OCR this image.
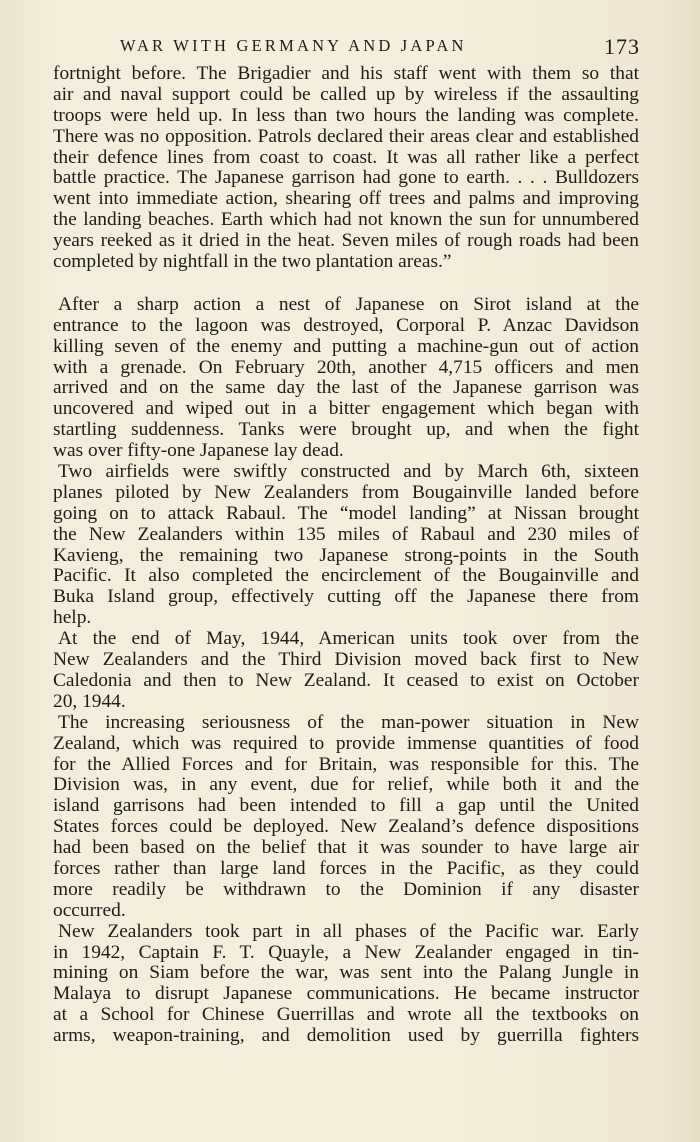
WAR WITH GERMANY AND JAPAN	173
fortnight before. The Brigadier and his staff went with them so that
air and naval support could be called up by wireless if the assaulting
troops were held up. In less than two hours the landing was complete.
There was no opposition. Patrols declared their areas clear and established
their defence lines from coast to coast. It was all rather like a perfect
battle practice. The Japanese garrison had gone to earth. . . . Bulldozers
went into immediate action, shearing off trees and palms and improving
the landing beaches. Earth which had not known the sun for unnumbered
years reeked as it dried in the heat. Seven miles of rough roads had been
completed by nightfall in the two plantation areas.”
After a sharp action a nest of Japanese on Sirot island at the
entrance to the lagoon was destroyed, Corporal P. Anzac Davidson
killing seven of the enemy and putting a machine-gun out of action
with a grenade. On February 20th, another 4,715 officers and men
arrived and on the same day the last of the Japanese garrison was
uncovered and wiped out in a bitter engagement which began with
startling suddenness. Tanks were brought up, and when the fight
was over fifty-one Japanese lay dead.
Two airfields were swiftly constructed and by March 6th, sixteen
planes piloted by New Zealanders from Bougainville landed before
going on to attack Rabaul. The “model landing” at Nissan brought
the New Zealanders within 135 miles of Rabaul and 230 miles of
Kavieng, the remaining two Japanese strong-points in the South
Pacific. It also completed the encirclement of the Bougainville and
Buka Island group, effectively cutting off the Japanese there from
help.
At the end of May, 1944, American units took over from the
New Zealanders and the Third Division moved back first to New
Caledonia and then to New Zealand. It ceased to exist on October
20, 1944.
The increasing seriousness of the man-power situation in New
Zealand, which was required to provide immense quantities of food
for the Allied Forces and for Britain, was responsible for this. The
Division was, in any event, due for relief, while both it and the
island garrisons had been intended to fill a gap until the United
States forces could be deployed. New Zealand’s defence dispositions
had been based on the belief that it was sounder to have large air
forces rather than large land forces in the Pacific, as they could
more readily be withdrawn to the Dominion if any disaster
occurred.
New Zealanders took part in all phases of the Pacific war. Early
in 1942, Captain F. T. Quayle, a New Zealander engaged in tin-
mining on Siam before the war, was sent into the Palang Jungle in
Malaya to disrupt Japanese communications. He became instructor
at a School for Chinese Guerrillas and wrote all the textbooks on
arms, weapon-training, and demolition used by guerrilla fighters
